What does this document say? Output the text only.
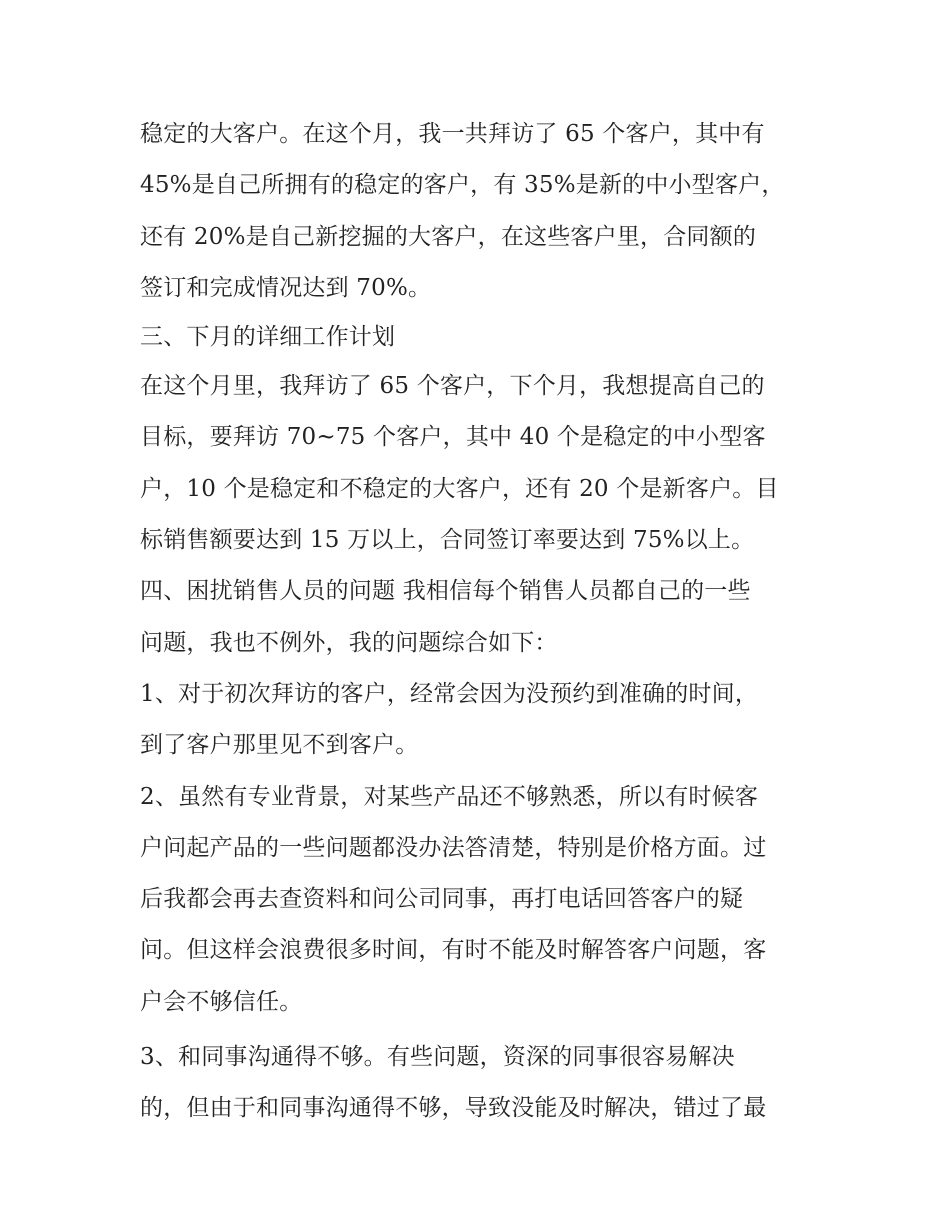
稳定的大客户。在这个月，我一共拜访了 65 个客户，其中有
45%是自己所拥有的稳定的客户，有 35%是新的中小型客户，
还有 20%是自己新挖掘的大客户，在这些客户里，合同额的
签订和完成情况达到 70%。
三、下月的详细工作计划
在这个月里，我拜访了 65 个客户，下个月，我想提高自己的
目标，要拜访 70~75 个客户，其中 40 个是稳定的中小型客
户，10 个是稳定和不稳定的大客户，还有 20 个是新客户。目
标销售额要达到 15 万以上，合同签订率要达到 75%以上。
四、困扰销售人员的问题 我相信每个销售人员都自己的一些
问题，我也不例外，我的问题综合如下：
1、对于初次拜访的客户，经常会因为没预约到准确的时间，
到了客户那里见不到客户。
2、虽然有专业背景，对某些产品还不够熟悉，所以有时候客
户问起产品的一些问题都没办法答清楚，特别是价格方面。过
后我都会再去查资料和问公司同事，再打电话回答客户的疑
问。但这样会浪费很多时间，有时不能及时解答客户问题，客
户会不够信任。
3、和同事沟通得不够。有些问题，资深的同事很容易解决
的，但由于和同事沟通得不够，导致没能及时解决，错过了最
